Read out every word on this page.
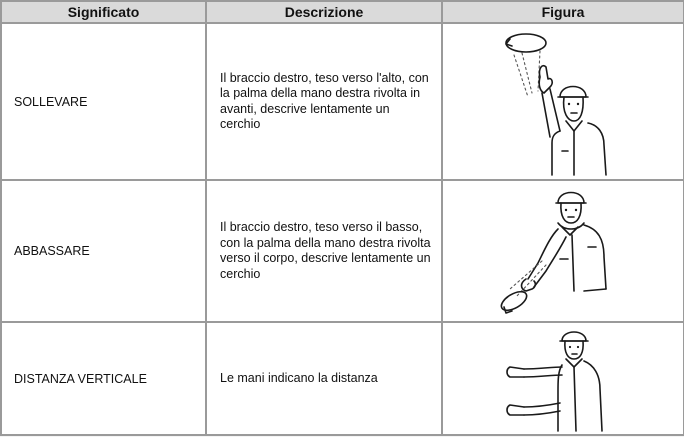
Significato	Descrizione	Figura
SOLLEVARE	Il braccio destro, teso verso l'alto, con la palma della mano destra rivolta in avanti, descrive lentamente un cerchio	

ABBASSARE	Il braccio destro, teso verso il basso, con la palma della mano destra rivolta verso il corpo, descrive lentamente un cerchio	

DISTANZA VERTICALE	Le mani indicano la distanza	
